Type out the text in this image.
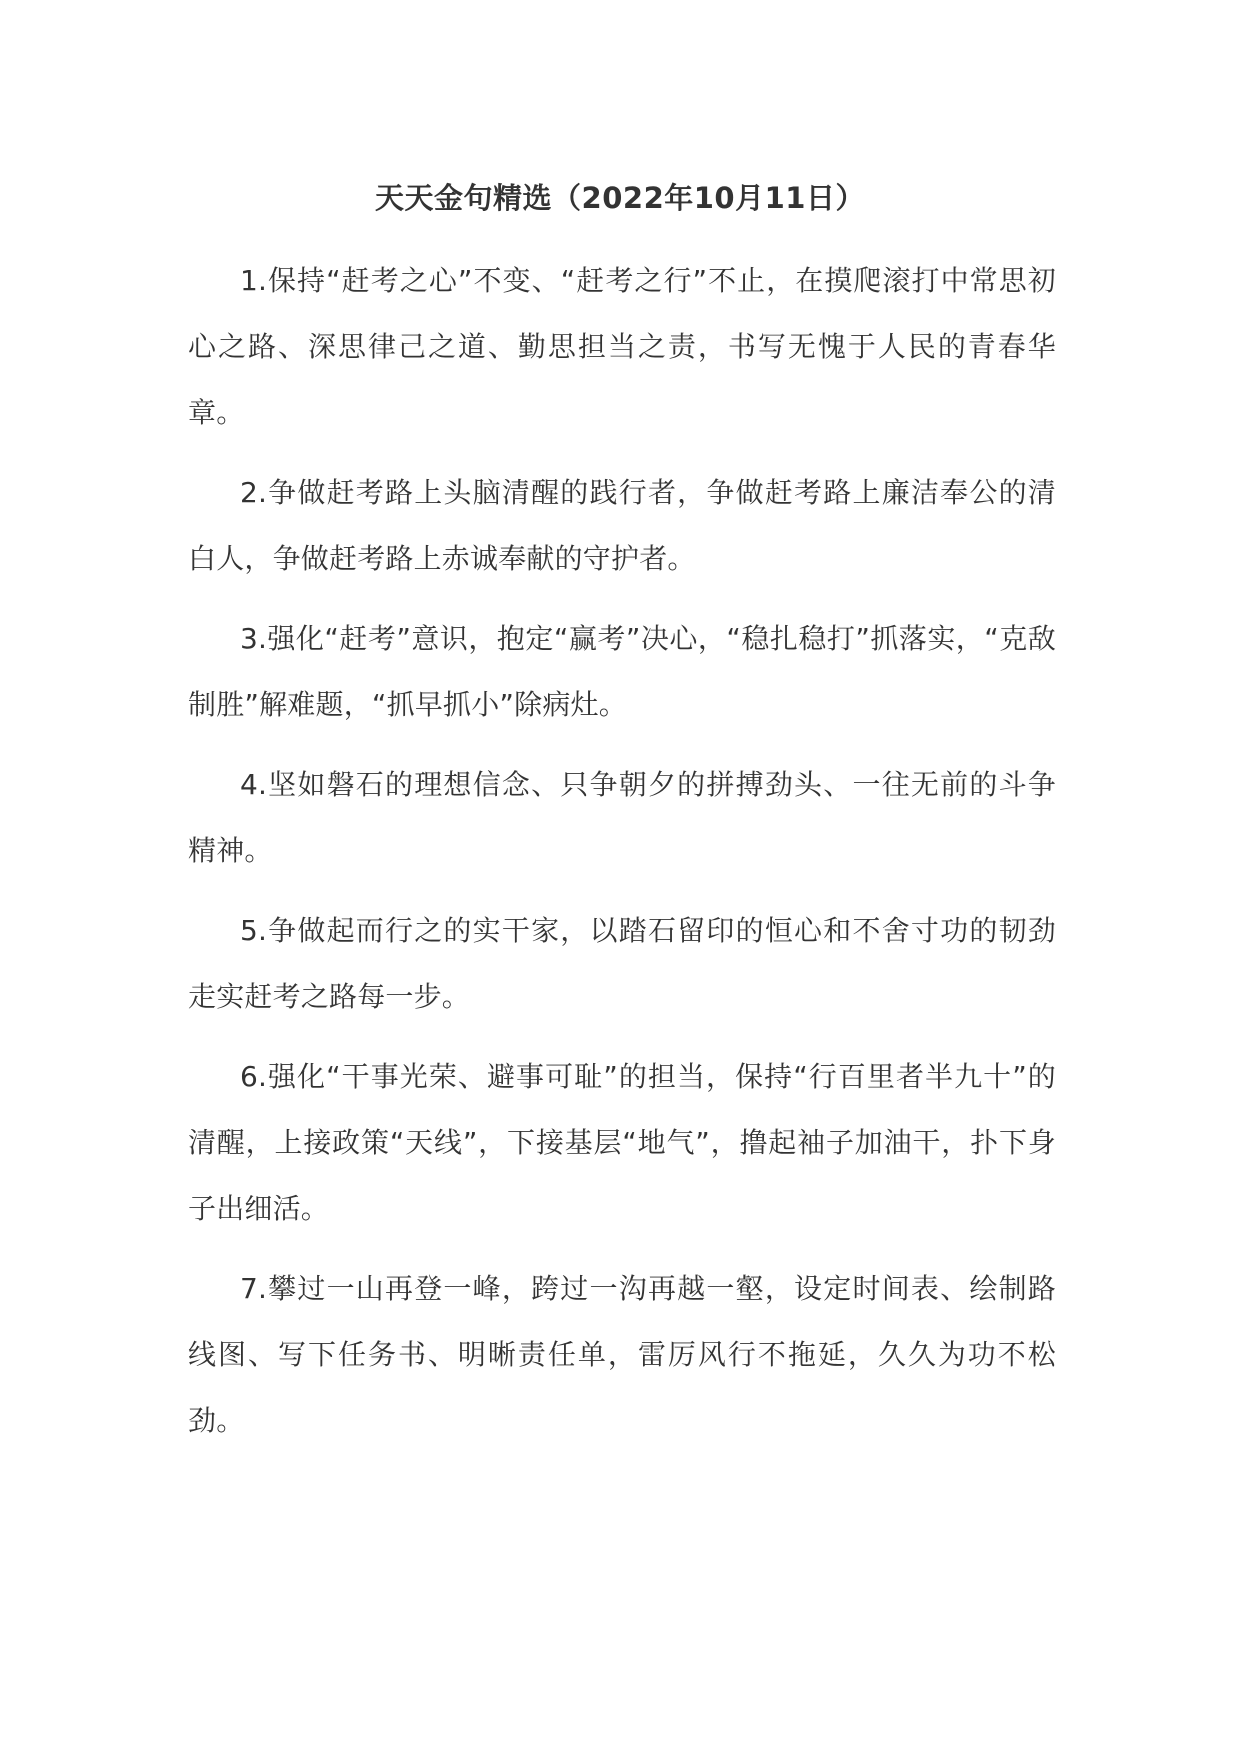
天天金句精选（2022年10月11日）

1.保持“赶考之心”不变、“赶考之行”不止，在摸爬滚打中常思初心之路、深思律己之道、勤思担当之责，书写无愧于人民的青春华章。

2.争做赶考路上头脑清醒的践行者，争做赶考路上廉洁奉公的清白人，争做赶考路上赤诚奉献的守护者。

3.强化“赶考”意识，抱定“赢考”决心，“稳扎稳打”抓落实，“克敌制胜”解难题，“抓早抓小”除病灶。

4.坚如磐石的理想信念、只争朝夕的拼搏劲头、一往无前的斗争精神。

5.争做起而行之的实干家，以踏石留印的恒心和不舍寸功的韧劲走实赶考之路每一步。

6.强化“干事光荣、避事可耻”的担当，保持“行百里者半九十”的清醒，上接政策“天线”，下接基层“地气”，撸起袖子加油干，扑下身子出细活。

7.攀过一山再登一峰，跨过一沟再越一壑，设定时间表、绘制路线图、写下任务书、明晰责任单，雷厉风行不拖延，久久为功不松劲。
